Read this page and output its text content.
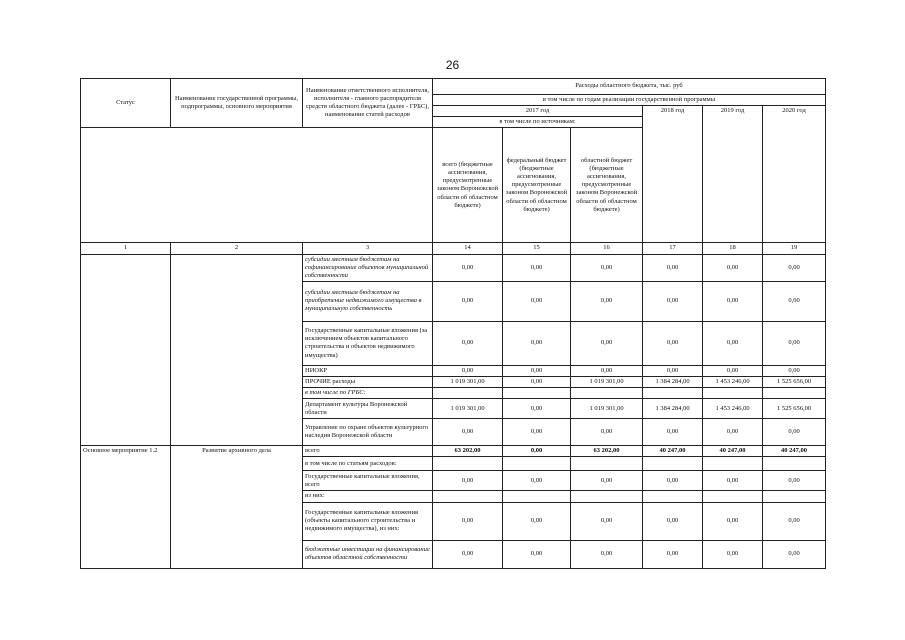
26
Статус	Наименование государственной программы, подпрограммы, основного мероприятия	Наименование ответственного исполнителя, исполнителя - главного распорядителя средств областного бюджета (далее - ГРБС), наименование статей расходов	Расходы областного бюджета, тыс. руб					
			в том числе по годам реализации государственной программы					
			2017 год			2018 год	2019 год	2020 год
			в том числе по источникам:					
			всего (бюджетные ассигнования, предусмотренные законом Воронежской области об областном бюджете)	федеральный бюджет (бюджетные ассигнования, предусмотренные законом Воронежской области об областном бюджете)	областной бюджет (бюджетные ассигнования, предусмотренные законом Воронежской области об областном бюджете)			
1	2	3	14	15	16	17	18	19
		субсидии местным бюджетам на софинансирование объектов муниципальной собственности	0,00	0,00	0,00	0,00	0,00	0,00
		субсидии местным бюджетам на приобретение недвижимого имущества в муниципальную собственность	0,00	0,00	0,00	0,00	0,00	0,00
		Государственные капитальные вложения (за исключением объектов капитального строительства и объектов недвижимого имущества)	0,00	0,00	0,00	0,00	0,00	0,00
		НИОКР	0,00	0,00	0,00	0,00	0,00	0,00
		ПРОЧИЕ расходы	1 019 301,00	0,00	1 019 301,00	1 384 284,00	1 453 246,00	1 525 656,00
		в том числе по ГРБС:						
		Департамент культуры Воронежской области	1 019 301,00	0,00	1 019 301,00	1 384 284,00	1 453 246,00	1 525 656,00
		Управление по охране объектов культурного наследия Воронежской области	0,00	0,00	0,00	0,00	0,00	0,00
Основное мероприятие 1.2	Развитие архивного дела	всего	63 202,00	0,00	63 202,00	40 247,00	40 247,00	40 247,00
		в том числе по статьям расходов:						
		Государственные капитальные вложения, всего	0,00	0,00	0,00	0,00	0,00	0,00
		из них:						
		Государственные капитальные вложения (объекты капитального строительства и недвижимого имущества), из них:	0,00	0,00	0,00	0,00	0,00	0,00
		бюджетные инвестиции на финансирование объектов областной собственности	0,00	0,00	0,00	0,00	0,00	0,00
